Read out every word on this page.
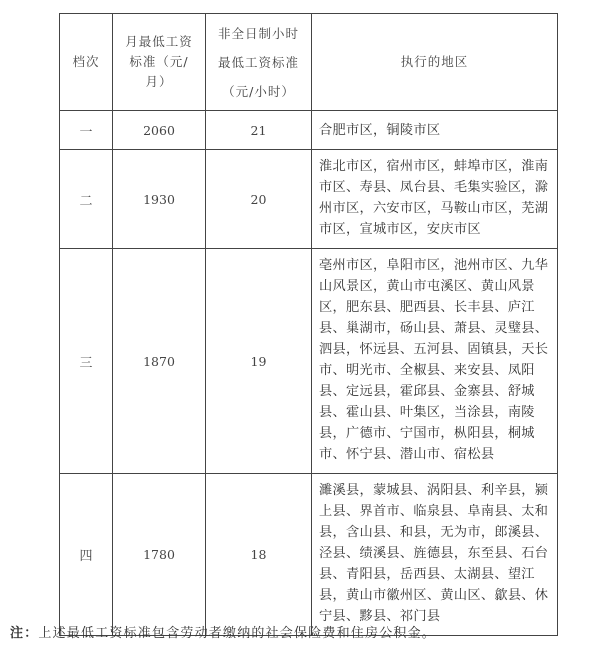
档次	月最低工资标准（元/月）	非全日制小时
最低工资标准
（元/小时）	执行的地区
一	2060	21	合肥市区，铜陵市区
二	1930	20	淮北市区，宿州市区，蚌埠市区，淮南市区、寿县、凤台县、毛集实验区，滁州市区，六安市区，马鞍山市区，芜湖市区，宣城市区，安庆市区
三	1870	19	亳州市区，阜阳市区，池州市区、九华山风景区，黄山市屯溪区、黄山风景区，肥东县、肥西县、长丰县、庐江县、巢湖市，砀山县、萧县、灵璧县、泗县，怀远县、五河县、固镇县，天长市、明光市、全椒县、来安县、凤阳县、定远县，霍邱县、金寨县、舒城县、霍山县、叶集区，当涂县，南陵县，广德市、宁国市，枞阳县，桐城市、怀宁县、潜山市、宿松县
四	1780	18	濉溪县，蒙城县、涡阳县、利辛县，颍上县、界首市、临泉县、阜南县、太和县，含山县、和县，无为市，郎溪县、泾县、绩溪县、旌德县，东至县、石台县、青阳县，岳西县、太湖县、望江县，黄山市徽州区、黄山区、歙县、休宁县、黟县、祁门县
注：上述最低工资标准包含劳动者缴纳的社会保险费和住房公积金。
